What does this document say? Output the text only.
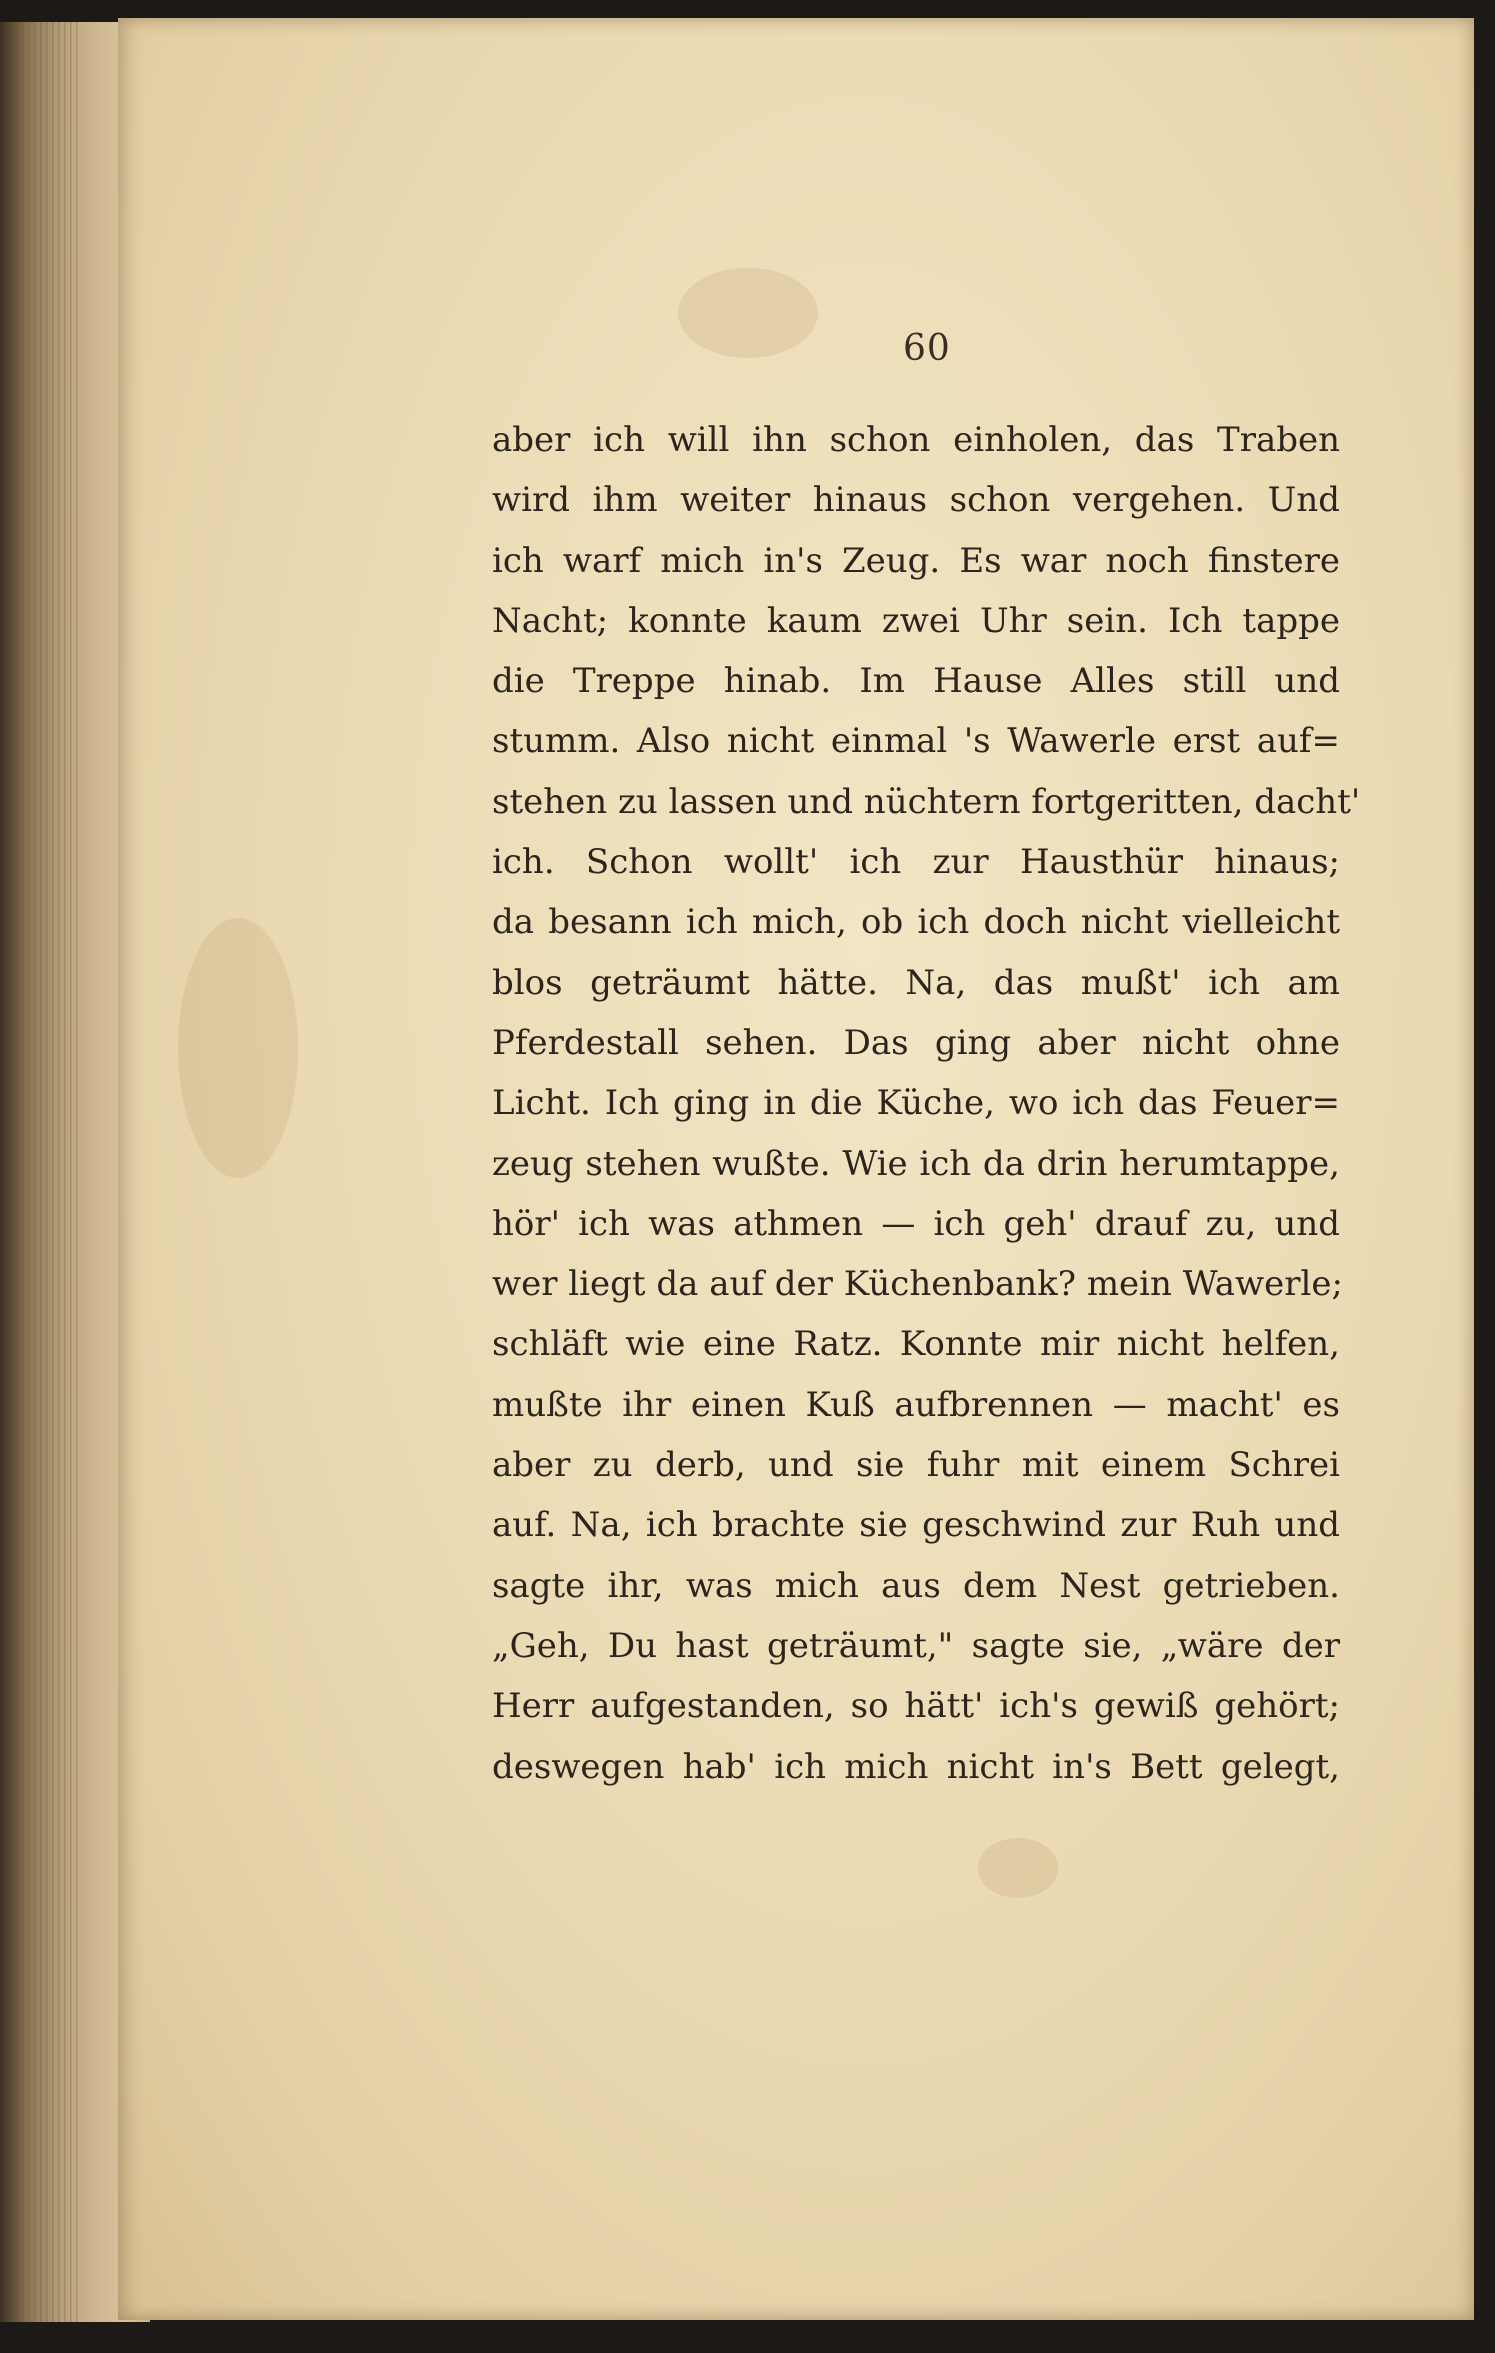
60
aber ich will ihn schon einholen, das Traben
wird ihm weiter hinaus schon vergehen. Und
ich warf mich in's Zeug. Es war noch finstere
Nacht; konnte kaum zwei Uhr sein. Ich tappe
die Treppe hinab. Im Hause Alles still und
stumm. Also nicht einmal 's Wawerle erst auf=
stehen zu lassen und nüchtern fortgeritten, dacht'
ich. Schon wollt' ich zur Hausthür hinaus;
da besann ich mich, ob ich doch nicht vielleicht
blos geträumt hätte. Na, das mußt' ich am
Pferdestall sehen. Das ging aber nicht ohne
Licht. Ich ging in die Küche, wo ich das Feuer=
zeug stehen wußte. Wie ich da drin herumtappe,
hör' ich was athmen — ich geh' drauf zu, und
wer liegt da auf der Küchenbank? mein Wawerle;
schläft wie eine Ratz. Konnte mir nicht helfen,
mußte ihr einen Kuß aufbrennen — macht' es
aber zu derb, und sie fuhr mit einem Schrei
auf. Na, ich brachte sie geschwind zur Ruh und
sagte ihr, was mich aus dem Nest getrieben.
„Geh, Du hast geträumt," sagte sie, „wäre der
Herr aufgestanden, so hätt' ich's gewiß gehört;
deswegen hab' ich mich nicht in's Bett gelegt,
